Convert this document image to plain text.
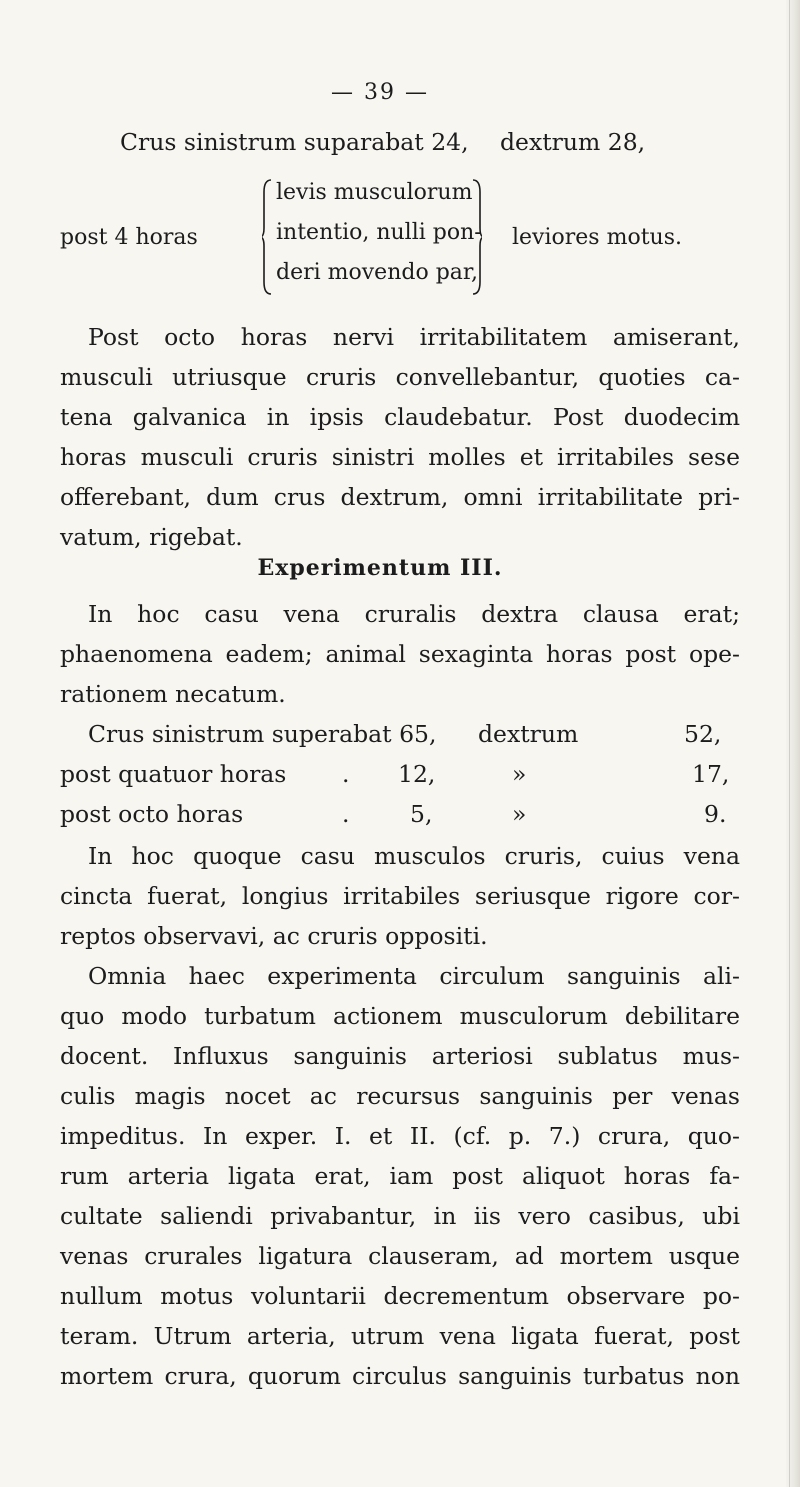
— 39 —
Crus sinistrum suparabat 24, dextrum 28,
post 4 horas
levis musculorum
intentio, nulli pon-
deri movendo par,
leviores motus.
Post octo horas nervi irritabilitatem amiserant,
musculi utriusque cruris convellebantur, quoties ca-
tena galvanica in ipsis claudebatur. Post duodecim
horas musculi cruris sinistri molles et irritabiles sese
offerebant, dum crus dextrum, omni irritabilitate pri-
vatum, rigebat.
Experimentum III.
In hoc casu vena cruralis dextra clausa erat;
phaenomena eadem; animal sexaginta horas post ope-
rationem necatum.
Crus sinistrum superabat 65, dextrum	52,
post quatuor horas . 12,	»	17,
post octo horas	.	5,	»	9.
In hoc quoque casu musculos cruris, cuius vena
cincta fuerat, longius irritabiles seriusque rigore cor-
reptos observavi, ac cruris oppositi.
Omnia haec experimenta circulum sanguinis ali-
quo modo turbatum actionem musculorum debilitare
docent. Influxus sanguinis arteriosi sublatus mus-
culis magis nocet ac recursus sanguinis per venas
impeditus. In exper. I. et II. (cf. p. 7.) crura, quo-
rum arteria ligata erat, iam post aliquot horas fa-
cultate saliendi privabantur, in iis vero casibus, ubi
venas crurales ligatura clauseram, ad mortem usque
nullum motus voluntarii decrementum observare po-
teram. Utrum arteria, utrum vena ligata fuerat, post
mortem crura, quorum circulus sanguinis turbatus non
